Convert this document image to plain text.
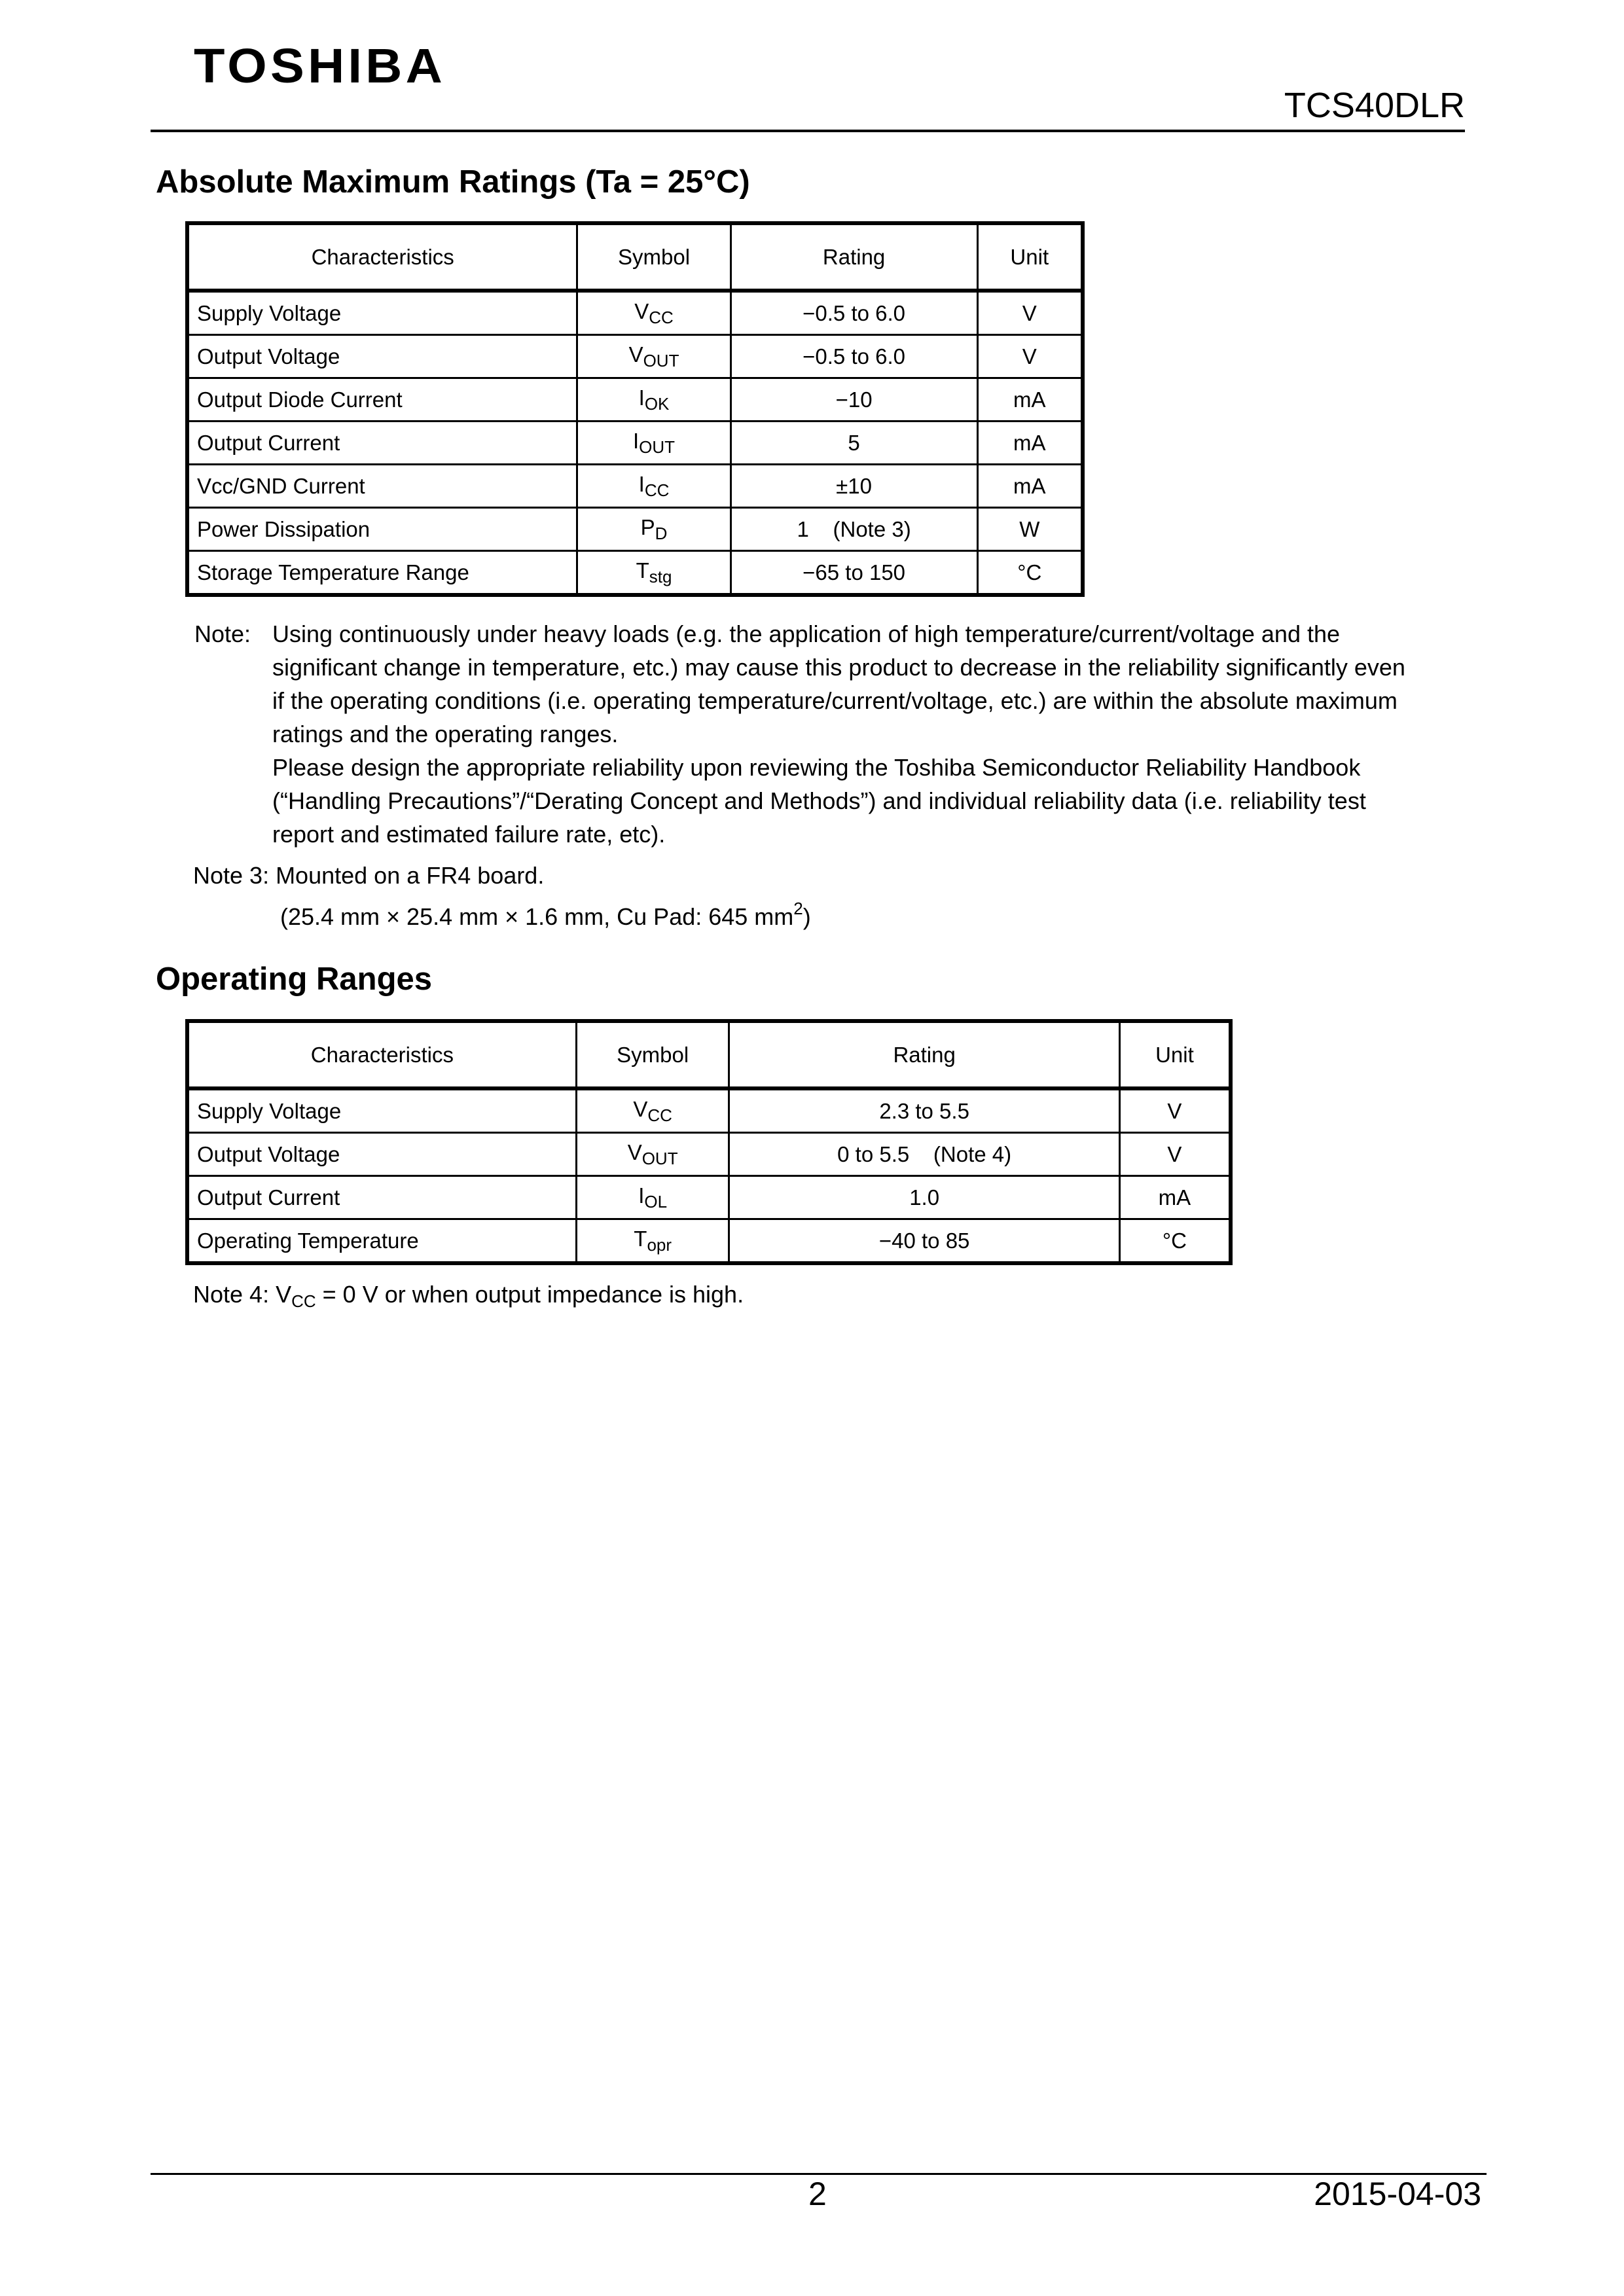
TOSHIBA
TCS40DLR
Absolute Maximum Ratings (Ta = 25°C)
Characteristics	Symbol	Rating	Unit
Supply Voltage	$V_{CC}$	−0.5 to 6.0	V
Output Voltage	$V_{OUT}$	−0.5 to 6.0	V
Output Diode Current	$I_{OK}$	−10	mA
Output Current	$I_{OUT}$	5	mA
Vcc/GND Current	$I_{CC}$	±10	mA
Power Dissipation	$P_D$	1    (Note 3)	W
Storage Temperature Range	$T_{stg}$	−65 to 150	°C
Note: Using continuously under heavy loads (e.g. the application of high temperature/current/voltage and the
significant change in temperature, etc.) may cause this product to decrease in the reliability significantly even
if the operating conditions (i.e. operating temperature/current/voltage, etc.) are within the absolute maximum
ratings and the operating ranges.
Please design the appropriate reliability upon reviewing the Toshiba Semiconductor Reliability Handbook
(“Handling Precautions”/“Derating Concept and Methods”) and individual reliability data (i.e. reliability test
report and estimated failure rate, etc).
Note 3: Mounted on a FR4 board.
(25.4 mm × 25.4 mm × 1.6 mm, Cu Pad: 645 $mm^2$)
Operating Ranges
Characteristics	Symbol	Rating	Unit
Supply Voltage	$V_{CC}$	2.3 to 5.5	V
Output Voltage	$V_{OUT}$	0 to 5.5    (Note 4)	V
Output Current	$I_{OL}$	1.0	mA
Operating Temperature	$T_{opr}$	−40 to 85	°C
Note 4: $V_{CC} = 0$ V or when output impedance is high.
2	2015-04-03
